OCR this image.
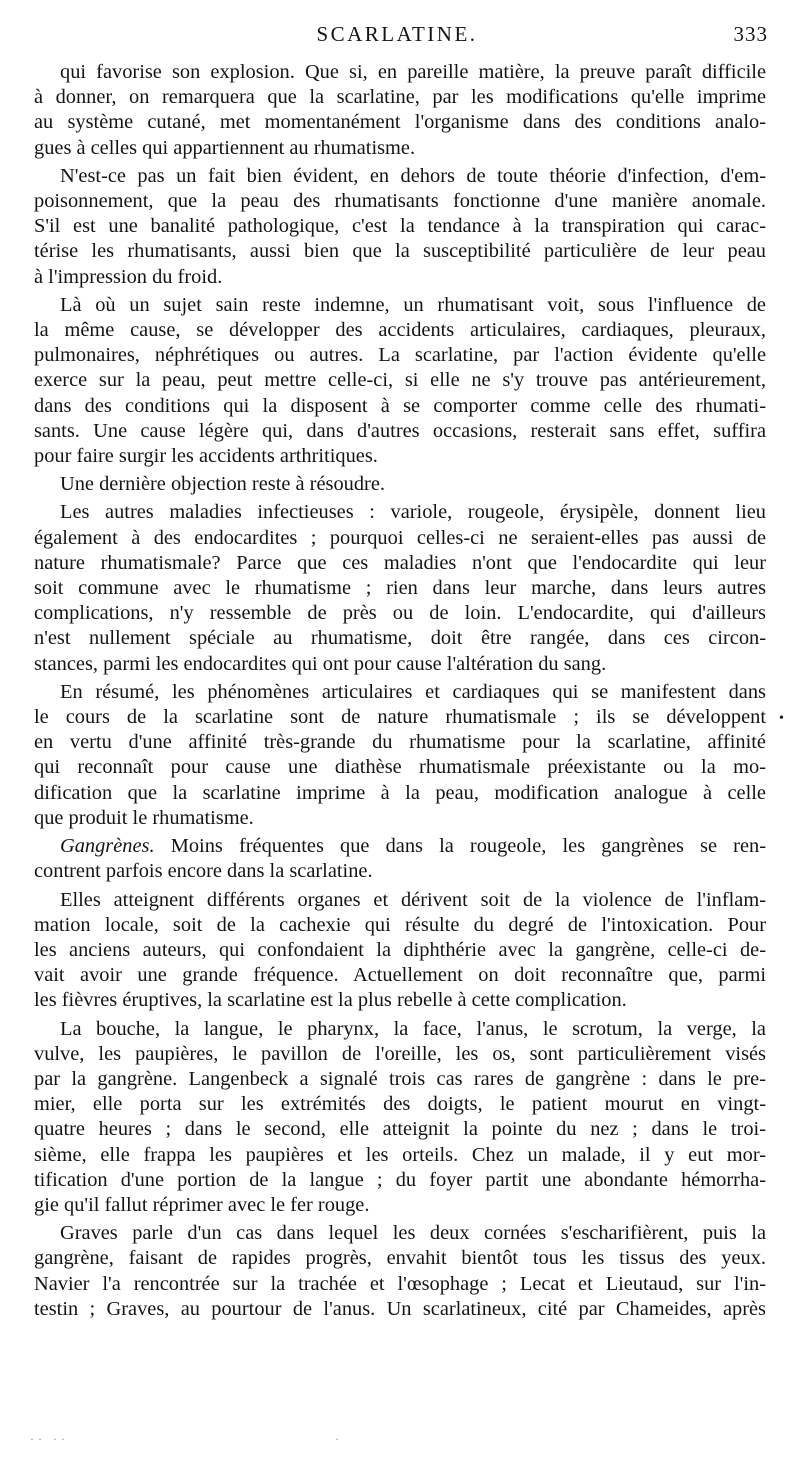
SCARLATINE.	333

qui favorise son explosion. Que si, en pareille matière, la preuve paraît difficile

à donner, on remarquera que la scarlatine, par les modifications qu'elle imprime

au système cutané, met momentanément l'organisme dans des conditions analo-

gues à celles qui appartiennent au rhumatisme.

N'est-ce pas un fait bien évident, en dehors de toute théorie d'infection, d'em-

poisonnement, que la peau des rhumatisants fonctionne d'une manière anomale.

S'il est une banalité pathologique, c'est la tendance à la transpiration qui carac-

térise les rhumatisants, aussi bien que la susceptibilité particulière de leur peau

à l'impression du froid.

Là où un sujet sain reste indemne, un rhumatisant voit, sous l'influence de

la même cause, se développer des accidents articulaires, cardiaques, pleuraux,

pulmonaires, néphrétiques ou autres. La scarlatine, par l'action évidente qu'elle

exerce sur la peau, peut mettre celle-ci, si elle ne s'y trouve pas antérieurement,

dans des conditions qui la disposent à se comporter comme celle des rhumati-

sants. Une cause légère qui, dans d'autres occasions, resterait sans effet, suffira

pour faire surgir les accidents arthritiques.

Une dernière objection reste à résoudre.

Les autres maladies infectieuses : variole, rougeole, érysipèle, donnent lieu

également à des endocardites ; pourquoi celles-ci ne seraient-elles pas aussi de

nature rhumatismale? Parce que ces maladies n'ont que l'endocardite qui leur

soit commune avec le rhumatisme ; rien dans leur marche, dans leurs autres

complications, n'y ressemble de près ou de loin. L'endocardite, qui d'ailleurs

n'est nullement spéciale au rhumatisme, doit être rangée, dans ces circon-

stances, parmi les endocardites qui ont pour cause l'altération du sang.

En résumé, les phénomènes articulaires et cardiaques qui se manifestent dans

le cours de la scarlatine sont de nature rhumatismale ; ils se développent

en vertu d'une affinité très-grande du rhumatisme pour la scarlatine, affinité

qui reconnaît pour cause une diathèse rhumatismale préexistante ou la mo-

dification que la scarlatine imprime à la peau, modification analogue à celle

que produit le rhumatisme.

Gangrènes. Moins fréquentes que dans la rougeole, les gangrènes se ren-

contrent parfois encore dans la scarlatine.

Elles atteignent différents organes et dérivent soit de la violence de l'inflam-

mation locale, soit de la cachexie qui résulte du degré de l'intoxication. Pour

les anciens auteurs, qui confondaient la diphthérie avec la gangrène, celle-ci de-

vait avoir une grande fréquence. Actuellement on doit reconnaître que, parmi

les fièvres éruptives, la scarlatine est la plus rebelle à cette complication.

La bouche, la langue, le pharynx, la face, l'anus, le scrotum, la verge, la

vulve, les paupières, le pavillon de l'oreille, les os, sont particulièrement visés

par la gangrène. Langenbeck a signalé trois cas rares de gangrène : dans le pre-

mier, elle porta sur les extrémités des doigts, le patient mourut en vingt-

quatre heures ; dans le second, elle atteignit la pointe du nez ; dans le troi-

sième, elle frappa les paupières et les orteils. Chez un malade, il y eut mor-

tification d'une portion de la langue ; du foyer partit une abondante hémorrha-

gie qu'il fallut réprimer avec le fer rouge.

Graves parle d'un cas dans lequel les deux cornées s'escharifièrent, puis la

gangrène, faisant de rapides progrès, envahit bientôt tous les tissus des yeux.

Navier l'a rencontrée sur la trachée et l'œsophage ; Lecat et Lieutaud, sur l'in-

testin ; Graves, au pourtour de l'anus. Un scarlatineux, cité par Chameides, après

•
·· ·· ​ ​ ​ ​ ​ ​ ​ ​ ​ ​ ​ ​ ​ ​ ​ ​ ​ ​ ​ ​ ​ ​ ​ ​ ​ ​ ​ ​ ​ ​ ​ ​ ​ ​ ​ ​ ​ ·
